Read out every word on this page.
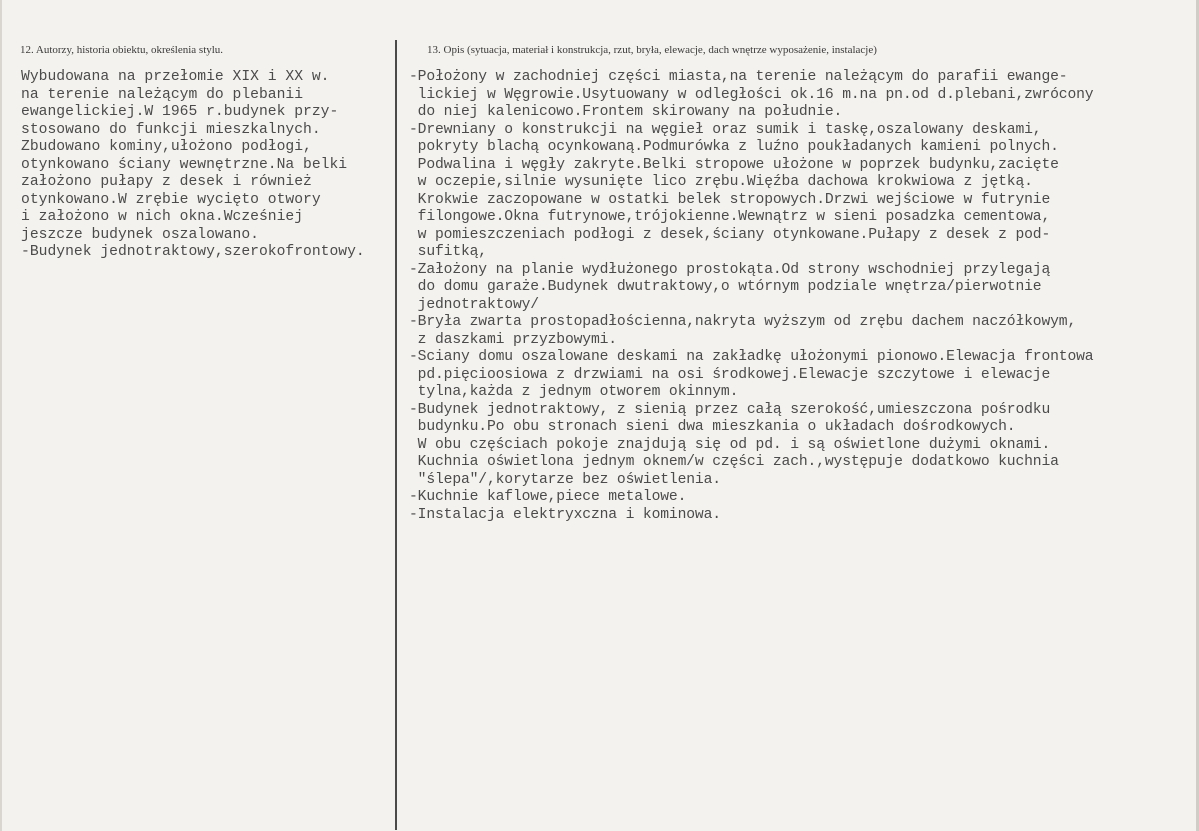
12. Autorzy, historia obiektu, określenia stylu.	13. Opis (sytuacja, materiał i konstrukcja, rzut, bryła, elewacje, dach wnętrze wyposażenie, instalacje)
Wybudowana na przełomie XIX i XX w.
na terenie należącym do plebanii
ewangelickiej.W 1965 r.budynek przy-
stosowano do funkcji mieszkalnych.
Zbudowano kominy,ułożono podłogi,
otynkowano ściany wewnętrzne.Na belki
założono pułapy z desek i również
otynkowano.W zrębie wycięto otwory
i założono w nich okna.Wcześniej
jeszcze budynek oszalowano.
-Budynek jednotraktowy,szerokofrontowy.
-Położony w zachodniej części miasta,na terenie należącym do parafii ewange-
lickiej w Węgrowie.Usytuowany w odległości ok.16 m.na pn.od d.plebani,zwrócony
do niej kalenicowo.Frontem skirowany na południe.
-Drewniany o konstrukcji na węgieł oraz sumik i taskę,oszalowany deskami,
pokryty blachą ocynkowaną.Podmurówka z luźno poukładanych kamieni polnych.
Podwalina i węgły zakryte.Belki stropowe ułożone w poprzek budynku,zacięte
w oczepie,silnie wysunięte lico zrębu.Więźba dachowa krokwiowa z jętką.
Krokwie zaczopowane w ostatki belek stropowych.Drzwi wejściowe w futrynie
filongowe.Okna futrynowe,trójokienne.Wewnątrz w sieni posadzka cementowa,
w pomieszczeniach podłogi z desek,ściany otynkowane.Pułapy z desek z pod-
sufitką,
-Założony na planie wydłużonego prostokąta.Od strony wschodniej przylegają
do domu garaże.Budynek dwutraktowy,o wtórnym podziale wnętrza/pierwotnie
jednotraktowy/
-Bryła zwarta prostopadłościenna,nakryta wyższym od zrębu dachem naczółkowym,
z daszkami przyzbowymi.
-Sciany domu oszalowane deskami na zakładkę ułożonymi pionowo.Elewacja frontowa
pd.pięcioosiowa z drzwiami na osi środkowej.Elewacje szczytowe i elewacje
tylna,każda z jednym otworem okinnym.
-Budynek jednotraktowy, z sienią przez całą szerokość,umieszczona pośrodku
budynku.Po obu stronach sieni dwa mieszkania o układach dośrodkowych.
W obu częściach pokoje znajdują się od pd. i są oświetlone dużymi oknami.
Kuchnia oświetlona jednym oknem/w części zach.,występuje dodatkowo kuchnia
"ślepa"/,korytarze bez oświetlenia.
-Kuchnie kaflowe,piece metalowe.
-Instalacja elektryxczna i kominowa.
